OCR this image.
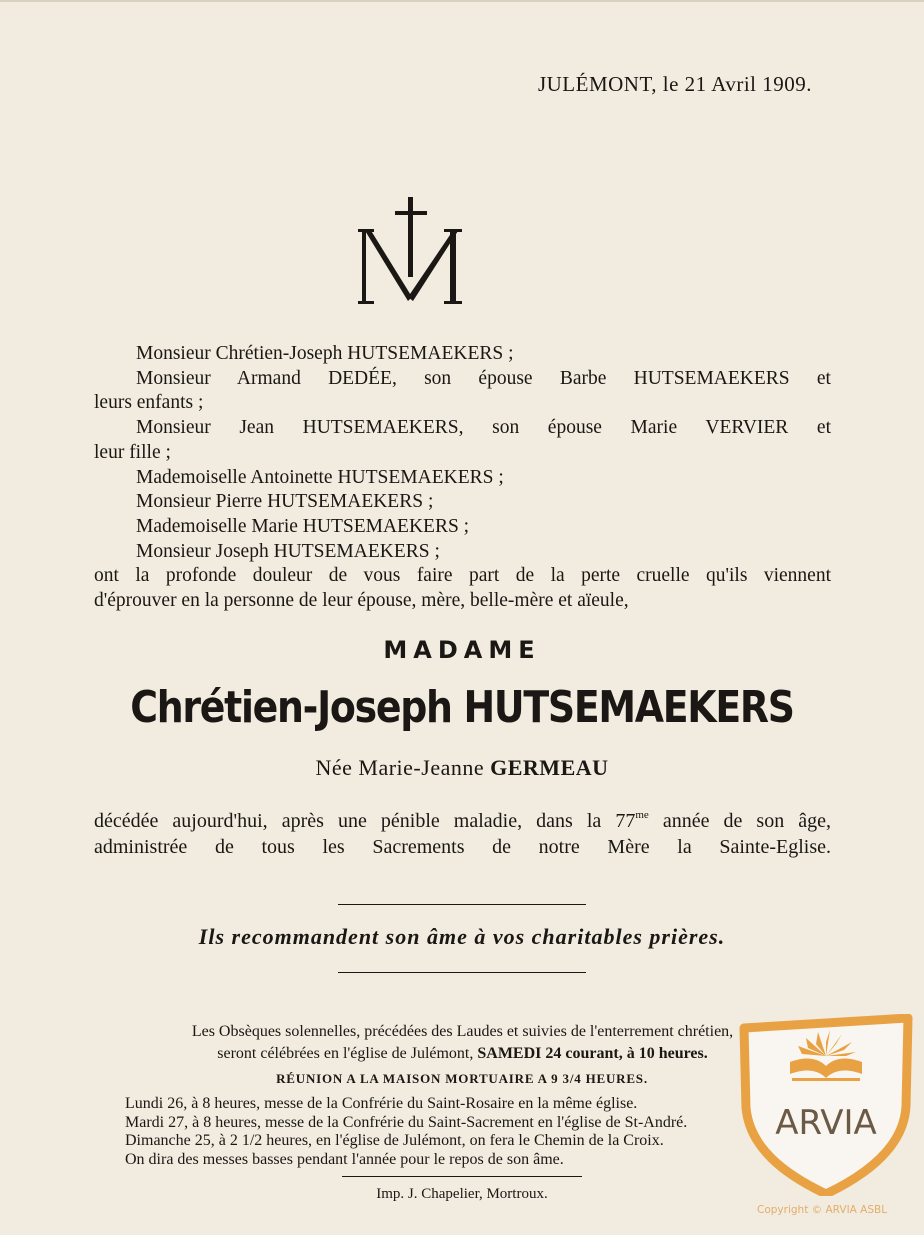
JULÉMONT, le 21 Avril 1909.
Monsieur Chrétien-Joseph HUTSEMAEKERS ;
Monsieur Armand DEDÉE, son épouse Barbe HUTSEMAEKERS et
leurs enfants ;
Monsieur Jean HUTSEMAEKERS, son épouse Marie VERVIER et
leur fille ;
Mademoiselle Antoinette HUTSEMAEKERS ;
Monsieur Pierre HUTSEMAEKERS ;
Mademoiselle Marie HUTSEMAEKERS ;
Monsieur Joseph HUTSEMAEKERS ;
ont la profonde douleur de vous faire part de la perte cruelle qu'ils viennent
d'éprouver en la personne de leur épouse, mère, belle-mère et aïeule,
MADAME
Chrétien-Joseph HUTSEMAEKERS
Née Marie-Jeanne GERMEAU
décédée aujourd'hui, après une pénible maladie, dans la $77^{me}$ année de son âge,
administrée de tous les Sacrements de notre Mère la Sainte-Eglise.
Ils recommandent son âme à vos charitables prières.
Les Obsèques solennelles, précédées des Laudes et suivies de l'enterrement chrétien,
seront célébrées en l'église de Julémont, SAMEDI 24 courant, à 10 heures.
RÉUNION A LA MAISON MORTUAIRE A 9 3/4 HEURES.
Lundi 26, à 8 heures, messe de la Confrérie du Saint-Rosaire en la même église.
Mardi 27, à 8 heures, messe de la Confrérie du Saint-Sacrement en l'église de St-André.
Dimanche 25, à 2 1/2 heures, en l'église de Julémont, on fera le Chemin de la Croix.
On dira des messes basses pendant l'année pour le repos de son âme.
Imp. J. Chapelier, Mortroux.
ARVIA
Copyright © ARVIA ASBL
